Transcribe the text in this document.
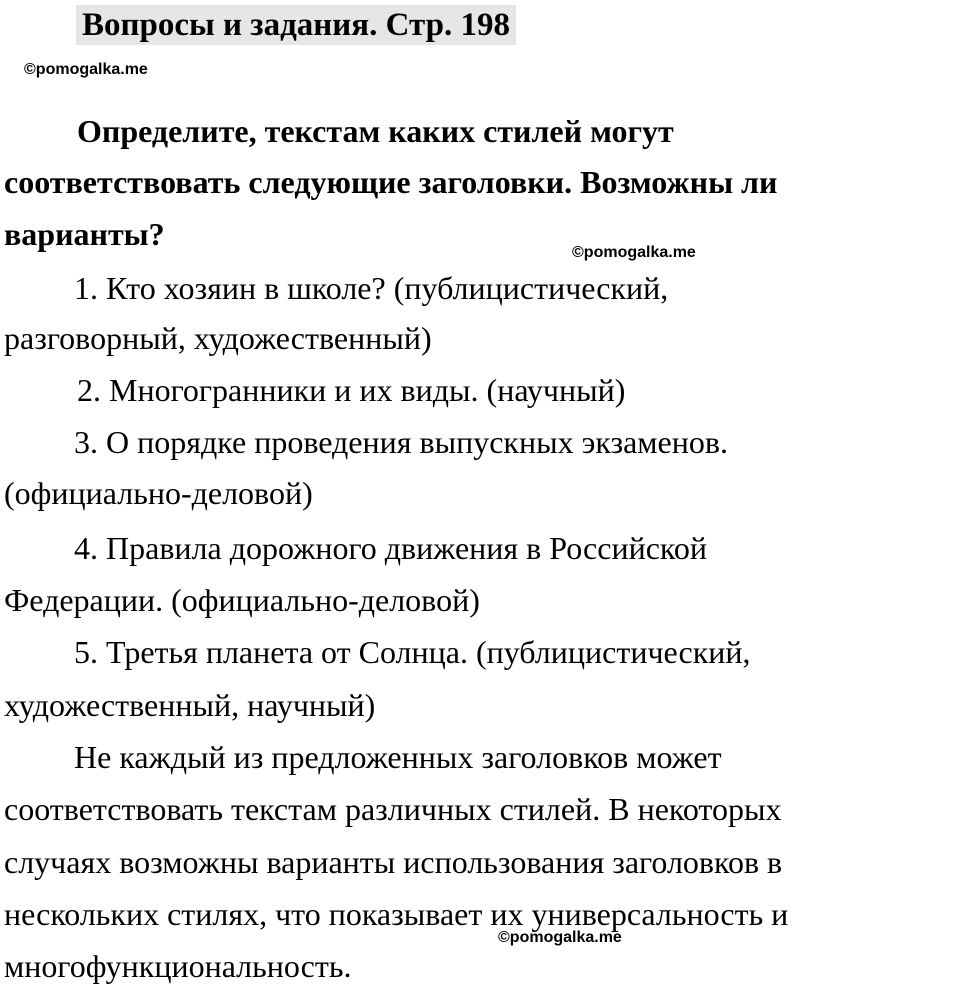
Вопросы и задания. Стр. 198
©pomogalka.me
Определите, текстам каких стилей могут
соответствовать следующие заголовки. Возможны ли
варианты?
©pomogalka.me
1. Кто хозяин в школе? (публицистический,
разговорный, художественный)
2. Многогранники и их виды. (научный)
3. О порядке проведения выпускных экзаменов.
(официально-деловой)
4. Правила дорожного движения в Российской
Федерации. (официально-деловой)
5. Третья планета от Солнца. (публицистический,
художественный, научный)
Не каждый из предложенных заголовков может
соответствовать текстам различных стилей. В некоторых
случаях возможны варианты использования заголовков в
нескольких стилях, что показывает их универсальность и
©pomogalka.me
многофункциональность.
